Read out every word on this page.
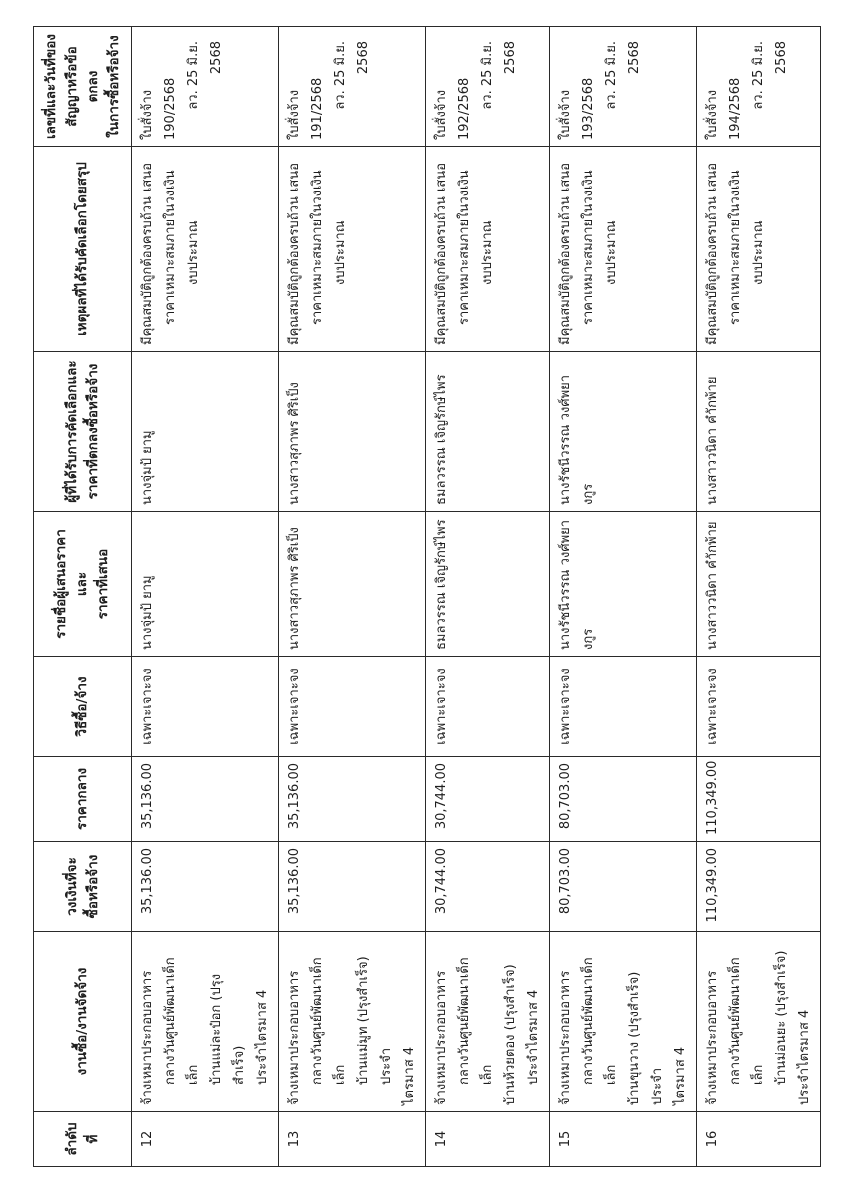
ลำดับ ที่	งานซื้อ/งานจัดจ้าง	วงเงินที่จะ ซื้อหรือจ้าง	ราคากลาง	วิธีซื้อ/จ้าง	รายชื่อผู้เสนอราคาและ ราคาที่เสนอ	ผู้ที่ได้รับการคัดเลือกและ ราคาที่ตกลงซื้อหรือจ้าง	เหตุผลที่ได้รับคัดเลือกโดยสรุป	เลขที่และวันที่ของ สัญญาหรือข้อตกลง ในการซื้อหรือจ้าง

12	จ้างเหมาประกอบอาหาร กลางวันศูนย์พัฒนาเด็กเล็ก บ้านแม่ละป๋อก (ปรุงสำเร็จ) ประจำไตรมาส 4	35,136.00	35,136.00	เฉพาะเจาะจง	นางจุ่มป้ ยามู	นางจุ่มป้ ยามู	มีคุณสมบัติถูกต้องครบถ้วน เสนอ ราคาเหมาะสมภายในวงเงิน งบประมาณ	ใบสั่งจ้าง 190/2568 ลว. 25 มิ.ย. 2568

13	จ้างเหมาประกอบอาหาร กลางวันศูนย์พัฒนาเด็กเล็ก บ้านแม่มูท (ปรุงสำเร็จ) ประจำ ไตรมาส 4	35,136.00	35,136.00	เฉพาะเจาะจง	นางสาวสุภาพร ศิริเป็ง	นางสาวสุภาพร ศิริเป็ง	มีคุณสมบัติถูกต้องครบถ้วน เสนอ ราคาเหมาะสมภายในวงเงิน งบประมาณ	ใบสั่งจ้าง 191/2568 ลว. 25 มิ.ย. 2568

14	จ้างเหมาประกอบอาหาร กลางวันศูนย์พัฒนาเด็กเล็ก บ้านห้วยตอง (ปรุงสำเร็จ) ประจำไตรมาส 4	30,744.00	30,744.00	เฉพาะเจาะจง	ธมลวรรณ เจิญรักษ์ไพร	ธมลวรรณ เจิญรักษ์ไพร	มีคุณสมบัติถูกต้องครบถ้วน เสนอ ราคาเหมาะสมภายในวงเงิน งบประมาณ	ใบสั่งจ้าง 192/2568 ลว. 25 มิ.ย. 2568

15	จ้างเหมาประกอบอาหาร กลางวันศูนย์พัฒนาเด็กเล็ก บ้านขุนวาง (ปรุงสำเร็จ) ประจำ ไตรมาส 4	80,703.00	80,703.00	เฉพาะเจาะจง	นางรัชนีวรรณ วงศ์พยางกูร	นางรัชนีวรรณ วงศ์พยางกูร	มีคุณสมบัติถูกต้องครบถ้วน เสนอ ราคาเหมาะสมภายในวงเงิน งบประมาณ	ใบสั่งจ้าง 193/2568 ลว. 25 มิ.ย. 2568

16	จ้างเหมาประกอบอาหาร กลางวันศูนย์พัฒนาเด็กเล็ก บ้านม่อนยะ (ปรุงสำเร็จ) ประจำไตรมาส 4	110,349.00	110,349.00	เฉพาะเจาะจง	นางสาววนิดา คำักพ้าย	นางสาววนิดา คำักพ้าย	มีคุณสมบัติถูกต้องครบถ้วน เสนอ ราคาเหมาะสมภายในวงเงิน งบประมาณ	ใบสั่งจ้าง 194/2568 ลว. 25 มิ.ย. 2568
